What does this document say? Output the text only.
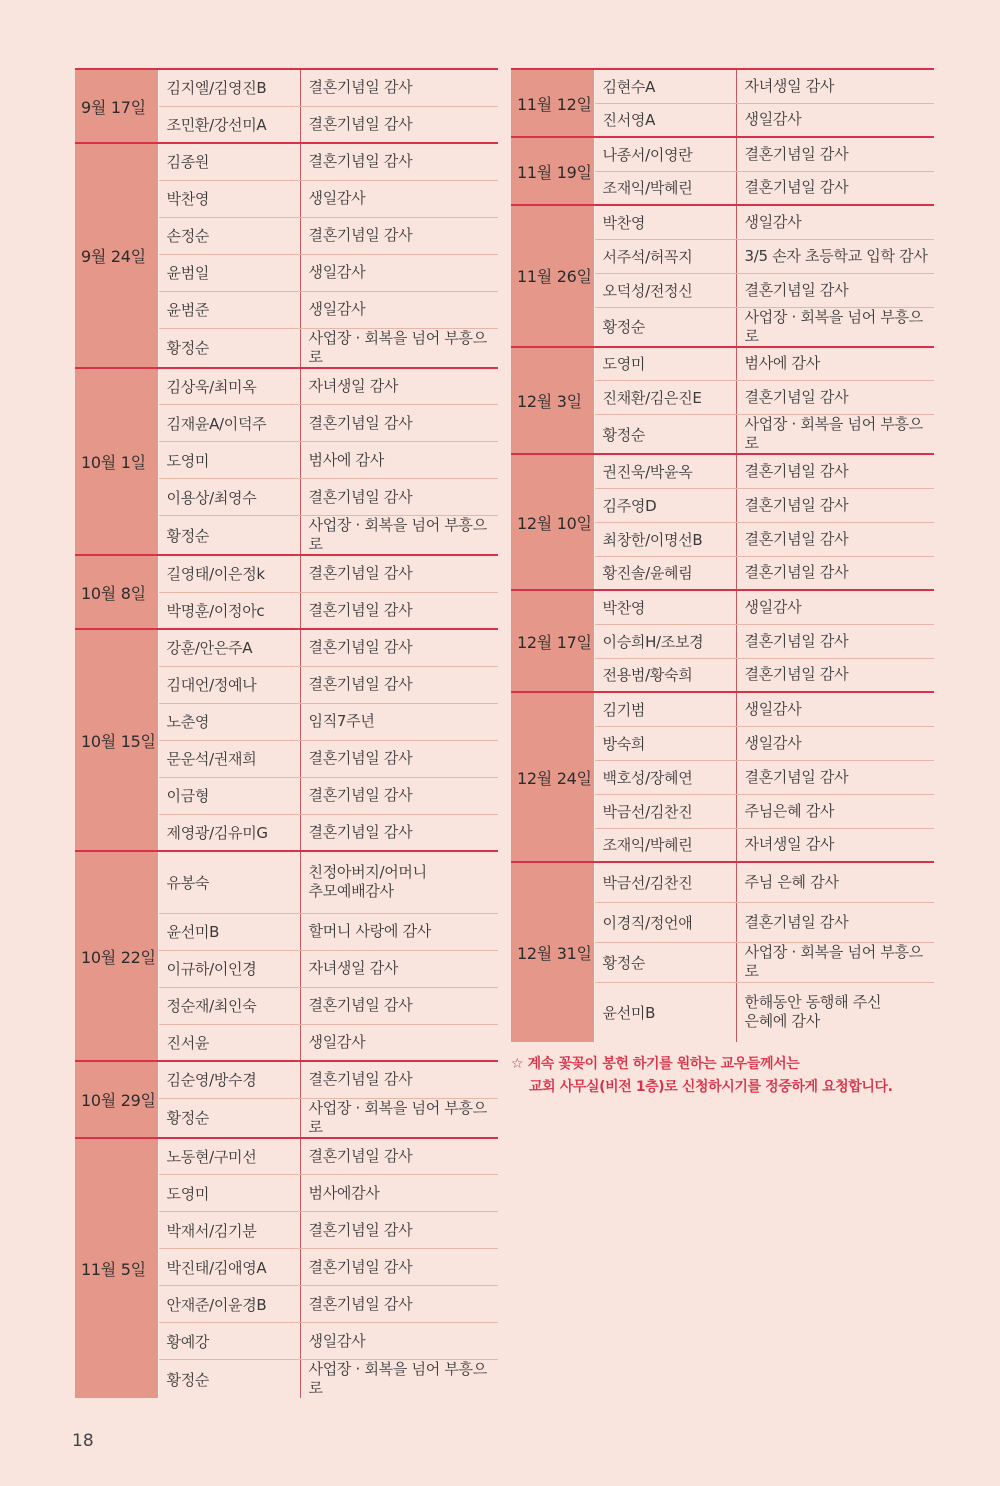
9월 17일	김지엘/김영진B	결혼기념일 감사
	조민환/강선미A	결혼기념일 감사
9월 24일	김종원	결혼기념일 감사
	박찬영	생일감사
	손정순	결혼기념일 감사
	윤범일	생일감사
	윤범준	생일감사
	황정순	사업장 · 회복을 넘어 부흥으로
10월 1일	김상욱/최미옥	자녀생일 감사
	김재윤A/이덕주	결혼기념일 감사
	도영미	범사에 감사
	이용상/최영수	결혼기념일 감사
	황정순	사업장 · 회복을 넘어 부흥으로
10월 8일	길영태/이은정k	결혼기념일 감사
	박명훈/이정아c	결혼기념일 감사
10월 15일	강훈/안은주A	결혼기념일 감사
	김대언/정예나	결혼기념일 감사
	노춘영	임직7주년
	문운석/권재희	결혼기념일 감사
	이금형	결혼기념일 감사
	제영광/김유미G	결혼기념일 감사
10월 22일	유봉숙	친정아버지/어머니
추모예배감사
	윤선미B	할머니 사랑에 감사
	이규하/이인경	자녀생일 감사
	정순재/최인숙	결혼기념일 감사
	진서윤	생일감사
10월 29일	김순영/방수경	결혼기념일 감사
	황정순	사업장 · 회복을 넘어 부흥으로
11월 5일	노동현/구미선	결혼기념일 감사
	도영미	범사에감사
	박재서/김기분	결혼기념일 감사
	박진태/김애영A	결혼기념일 감사
	안재준/이윤경B	결혼기념일 감사
	황예강	생일감사
	황정순	사업장 · 회복을 넘어 부흥으로
11월 12일	김현수A	자녀생일 감사
	진서영A	생일감사
11월 19일	나종서/이영란	결혼기념일 감사
	조재익/박혜린	결혼기념일 감사
11월 26일	박찬영	생일감사
	서주석/허꼭지	3/5 손자 초등학교 입학 감사
	오덕성/전정신	결혼기념일 감사
	황정순	사업장 · 회복을 넘어 부흥으로
12월 3일	도영미	범사에 감사
	진채환/김은진E	결혼기념일 감사
	황정순	사업장 · 회복을 넘어 부흥으로
12월 10일	권진욱/박윤옥	결혼기념일 감사
	김주영D	결혼기념일 감사
	최창한/이명선B	결혼기념일 감사
	황진솔/윤혜림	결혼기념일 감사
12월 17일	박찬영	생일감사
	이승희H/조보경	결혼기념일 감사
	전용범/황숙희	결혼기념일 감사
12월 24일	김기범	생일감사
	방숙희	생일감사
	백호성/장혜연	결혼기념일 감사
	박금선/김찬진	주님은혜 감사
	조재익/박혜린	자녀생일 감사
12월 31일	박금선/김찬진	주님 은혜 감사
	이경직/정언애	결혼기념일 감사
	황정순	사업장 · 회복을 넘어 부흥으로
	윤선미B	한해동안 동행해 주신
은혜에 감사
☆ 계속 꽃꽂이 봉헌 하기를 원하는 교우들께서는
교회 사무실(비전 1층)로 신청하시기를 정중하게 요청합니다.
18
